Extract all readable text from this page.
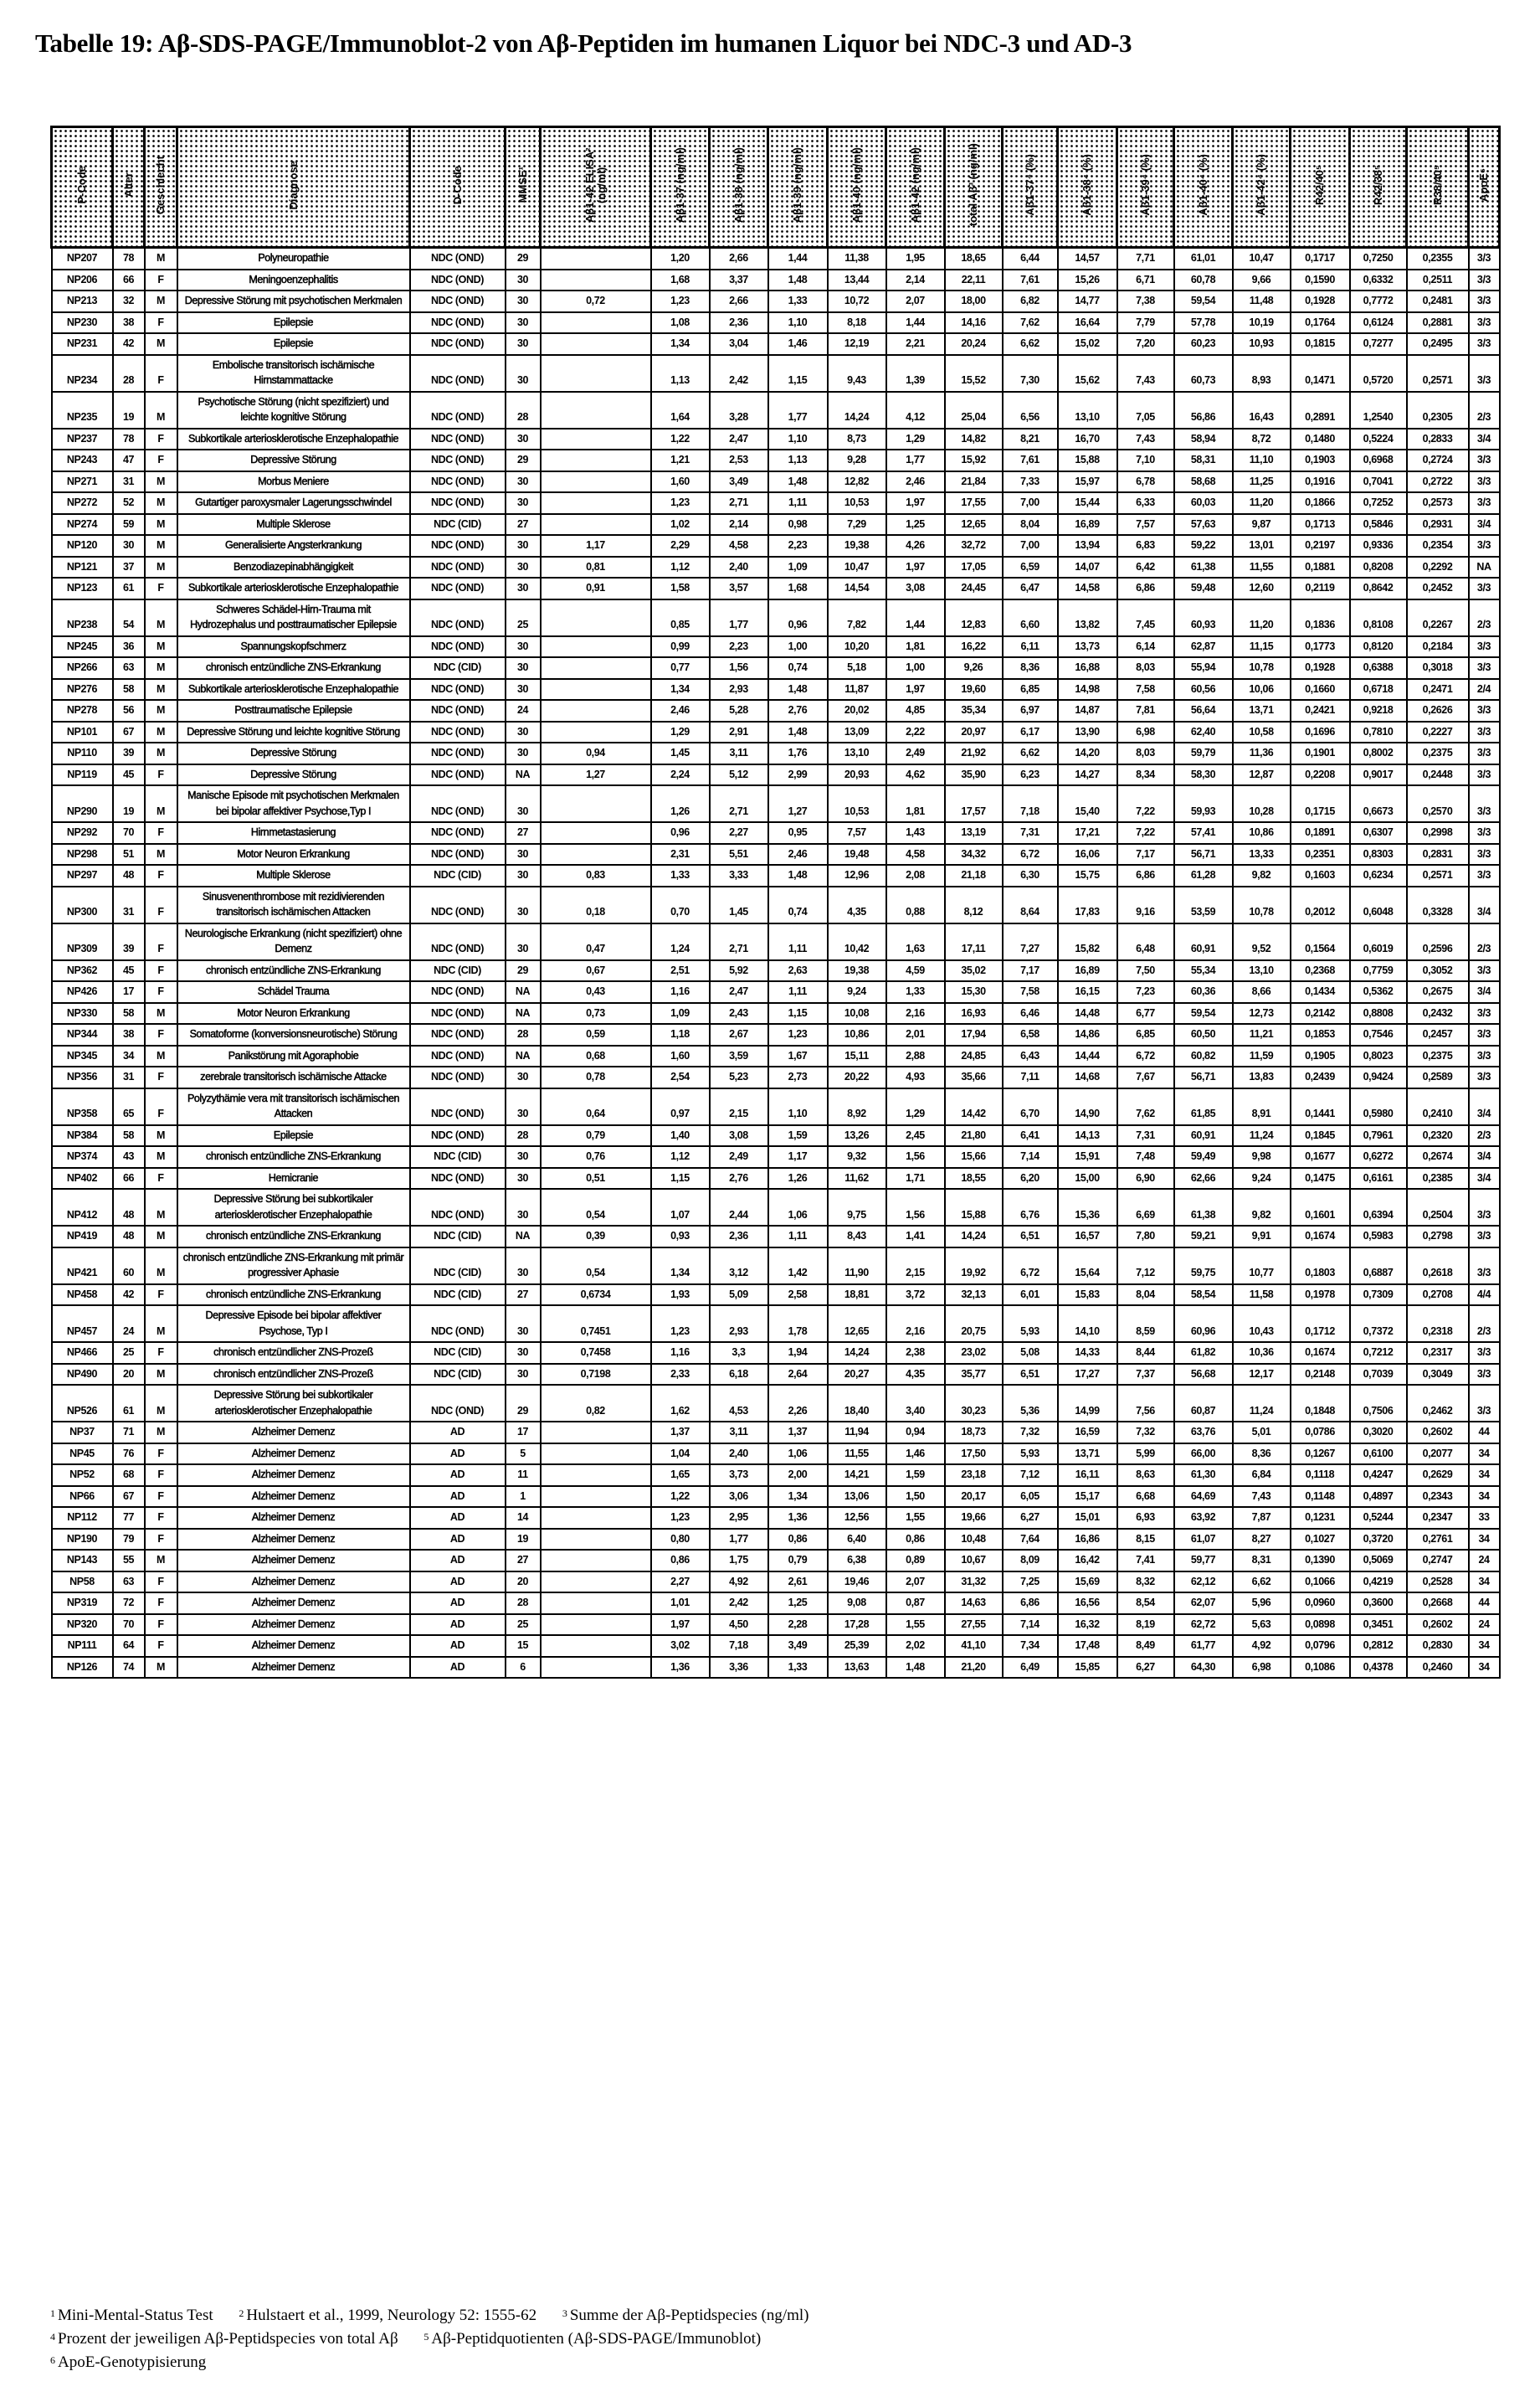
Tabelle 19: Aβ-SDS-PAGE/Immunoblot-2 von Aβ-Peptiden im humanen Liquor bei NDC-3 und AD-3
P-Code	Alter	Geschlecht	Diagnose	D-Code	MMSE¹	Aβ1-42 ELISA² (ng/ml)	Aβ1-37 (ng/ml)	Aβ1-38 (ng/ml)	Aβ1-39 (ng/ml)	Aβ1-40 (ng/ml)	Aβ1-42 (ng/ml)	total Aβ³ (ng/ml)	Aβ1-37⁴ (%)	Aβ1-38⁴ (%)	Aβ1-39⁴ (%)	Aβ1-40⁴ (%)	Aβ1-42⁴ (%)	R42/40⁵	R42/38⁵	R38/40⁵	ApoE⁶
NP207	78	M	Polyneuropathie	NDC (OND)	29		1,20	2,66	1,44	11,38	1,95	18,65	6,44	14,57	7,71	61,01	10,47	0,1717	0,7250	0,2355	3/3
NP206	66	F	Meningoenzephalitis	NDC (OND)	30		1,68	3,37	1,48	13,44	2,14	22,11	7,61	15,26	6,71	60,78	9,66	0,1590	0,6332	0,2511	3/3
NP213	32	M	Depressive Störung mit psychotischen Merkmalen	NDC (OND)	30	0,72	1,23	2,66	1,33	10,72	2,07	18,00	6,82	14,77	7,38	59,54	11,48	0,1928	0,7772	0,2481	3/3
NP230	38	F	Epilepsie	NDC (OND)	30		1,08	2,36	1,10	8,18	1,44	14,16	7,62	16,64	7,79	57,78	10,19	0,1764	0,6124	0,2881	3/3
NP231	42	M	Epilepsie	NDC (OND)	30		1,34	3,04	1,46	12,19	2,21	20,24	6,62	15,02	7,20	60,23	10,93	0,1815	0,7277	0,2495	3/3
NP234	28	F	Embolische transitorisch ischämische Hirnstammattacke	NDC (OND)	30		1,13	2,42	1,15	9,43	1,39	15,52	7,30	15,62	7,43	60,73	8,93	0,1471	0,5720	0,2571	3/3
NP235	19	M	Psychotische Störung (nicht spezifiziert) und leichte kognitive Störung	NDC (OND)	28		1,64	3,28	1,77	14,24	4,12	25,04	6,56	13,10	7,05	56,86	16,43	0,2891	1,2540	0,2305	2/3
NP237	78	F	Subkortikale arteriosklerotische Enzephalopathie	NDC (OND)	30		1,22	2,47	1,10	8,73	1,29	14,82	8,21	16,70	7,43	58,94	8,72	0,1480	0,5224	0,2833	3/4
NP243	47	F	Depressive Störung	NDC (OND)	29		1,21	2,53	1,13	9,28	1,77	15,92	7,61	15,88	7,10	58,31	11,10	0,1903	0,6968	0,2724	3/3
NP271	31	M	Morbus Meniere	NDC (OND)	30		1,60	3,49	1,48	12,82	2,46	21,84	7,33	15,97	6,78	58,68	11,25	0,1916	0,7041	0,2722	3/3
NP272	52	M	Gutartiger paroxysmaler Lagerungsschwindel	NDC (OND)	30		1,23	2,71	1,11	10,53	1,97	17,55	7,00	15,44	6,33	60,03	11,20	0,1866	0,7252	0,2573	3/3
NP274	59	M	Multiple Sklerose	NDC (CID)	27		1,02	2,14	0,98	7,29	1,25	12,65	8,04	16,89	7,57	57,63	9,87	0,1713	0,5846	0,2931	3/4
NP120	30	M	Generalisierte Angsterkrankung	NDC (OND)	30	1,17	2,29	4,58	2,23	19,38	4,26	32,72	7,00	13,94	6,83	59,22	13,01	0,2197	0,9336	0,2354	3/3
NP121	37	M	Benzodiazepinabhängigkeit	NDC (OND)	30	0,81	1,12	2,40	1,09	10,47	1,97	17,05	6,59	14,07	6,42	61,38	11,55	0,1881	0,8208	0,2292	NA
NP123	61	F	Subkortikale arteriosklerotische Enzephalopathie	NDC (OND)	30	0,91	1,58	3,57	1,68	14,54	3,08	24,45	6,47	14,58	6,86	59,48	12,60	0,2119	0,8642	0,2452	3/3
NP238	54	M	Schweres Schädel-Hirn-Trauma mit Hydrozephalus und posttraumatischer Epilepsie	NDC (OND)	25		0,85	1,77	0,96	7,82	1,44	12,83	6,60	13,82	7,45	60,93	11,20	0,1836	0,8108	0,2267	2/3
NP245	36	M	Spannungskopfschmerz	NDC (OND)	30		0,99	2,23	1,00	10,20	1,81	16,22	6,11	13,73	6,14	62,87	11,15	0,1773	0,8120	0,2184	3/3
NP266	63	M	chronisch entzündliche ZNS-Erkrankung	NDC (CID)	30		0,77	1,56	0,74	5,18	1,00	9,26	8,36	16,88	8,03	55,94	10,78	0,1928	0,6388	0,3018	3/3
NP276	58	M	Subkortikale arteriosklerotische Enzephalopathie	NDC (OND)	30		1,34	2,93	1,48	11,87	1,97	19,60	6,85	14,98	7,58	60,56	10,06	0,1660	0,6718	0,2471	2/4
NP278	56	M	Posttraumatische Epilepsie	NDC (OND)	24		2,46	5,28	2,76	20,02	4,85	35,34	6,97	14,87	7,81	56,64	13,71	0,2421	0,9218	0,2626	3/3
NP101	67	M	Depressive Störung und leichte kognitive Störung	NDC (OND)	30		1,29	2,91	1,48	13,09	2,22	20,97	6,17	13,90	6,98	62,40	10,58	0,1696	0,7810	0,2227	3/3
NP110	39	M	Depressive Störung	NDC (OND)	30	0,94	1,45	3,11	1,76	13,10	2,49	21,92	6,62	14,20	8,03	59,79	11,36	0,1901	0,8002	0,2375	3/3
NP119	45	F	Depressive Störung	NDC (OND)	NA	1,27	2,24	5,12	2,99	20,93	4,62	35,90	6,23	14,27	8,34	58,30	12,87	0,2208	0,9017	0,2448	3/3
NP290	19	M	Manische Episode mit psychotischen Merkmalen bei bipolar affektiver Psychose,Typ I	NDC (OND)	30		1,26	2,71	1,27	10,53	1,81	17,57	7,18	15,40	7,22	59,93	10,28	0,1715	0,6673	0,2570	3/3
NP292	70	F	Hirnmetastasierung	NDC (OND)	27		0,96	2,27	0,95	7,57	1,43	13,19	7,31	17,21	7,22	57,41	10,86	0,1891	0,6307	0,2998	3/3
NP298	51	M	Motor Neuron Erkrankung	NDC (OND)	30		2,31	5,51	2,46	19,48	4,58	34,32	6,72	16,06	7,17	56,71	13,33	0,2351	0,8303	0,2831	3/3
NP297	48	F	Multiple Sklerose	NDC (CID)	30	0,83	1,33	3,33	1,48	12,96	2,08	21,18	6,30	15,75	6,86	61,28	9,82	0,1603	0,6234	0,2571	3/3
NP300	31	F	Sinusvenenthrombose mit rezidivierenden transitorisch ischämischen Attacken	NDC (OND)	30	0,18	0,70	1,45	0,74	4,35	0,88	8,12	8,64	17,83	9,16	53,59	10,78	0,2012	0,6048	0,3328	3/4
NP309	39	F	Neurologische Erkrankung (nicht spezifiziert) ohne Demenz	NDC (OND)	30	0,47	1,24	2,71	1,11	10,42	1,63	17,11	7,27	15,82	6,48	60,91	9,52	0,1564	0,6019	0,2596	2/3
NP362	45	F	chronisch entzündliche ZNS-Erkrankung	NDC (CID)	29	0,67	2,51	5,92	2,63	19,38	4,59	35,02	7,17	16,89	7,50	55,34	13,10	0,2368	0,7759	0,3052	3/3
NP426	17	F	Schädel Trauma	NDC (OND)	NA	0,43	1,16	2,47	1,11	9,24	1,33	15,30	7,58	16,15	7,23	60,36	8,66	0,1434	0,5362	0,2675	3/4
NP330	58	M	Motor Neuron Erkrankung	NDC (OND)	NA	0,73	1,09	2,43	1,15	10,08	2,16	16,93	6,46	14,48	6,77	59,54	12,73	0,2142	0,8808	0,2432	3/3
NP344	38	F	Somatoforme (konversionsneurotische) Störung	NDC (OND)	28	0,59	1,18	2,67	1,23	10,86	2,01	17,94	6,58	14,86	6,85	60,50	11,21	0,1853	0,7546	0,2457	3/3
NP345	34	M	Panikstörung mit Agoraphobie	NDC (OND)	NA	0,68	1,60	3,59	1,67	15,11	2,88	24,85	6,43	14,44	6,72	60,82	11,59	0,1905	0,8023	0,2375	3/3
NP356	31	F	zerebrale transitorisch ischämische Attacke	NDC (OND)	30	0,78	2,54	5,23	2,73	20,22	4,93	35,66	7,11	14,68	7,67	56,71	13,83	0,2439	0,9424	0,2589	3/3
NP358	65	F	Polyzythämie vera mit transitorisch ischämischen Attacken	NDC (OND)	30	0,64	0,97	2,15	1,10	8,92	1,29	14,42	6,70	14,90	7,62	61,85	8,91	0,1441	0,5980	0,2410	3/4
NP384	58	M	Epilepsie	NDC (OND)	28	0,79	1,40	3,08	1,59	13,26	2,45	21,80	6,41	14,13	7,31	60,91	11,24	0,1845	0,7961	0,2320	2/3
NP374	43	M	chronisch entzündliche ZNS-Erkrankung	NDC (CID)	30	0,76	1,12	2,49	1,17	9,32	1,56	15,66	7,14	15,91	7,48	59,49	9,98	0,1677	0,6272	0,2674	3/4
NP402	66	F	Hemicranie	NDC (OND)	30	0,51	1,15	2,76	1,26	11,62	1,71	18,55	6,20	15,00	6,90	62,66	9,24	0,1475	0,6161	0,2385	3/4
NP412	48	M	Depressive Störung bei subkortikaler arteriosklerotischer Enzephalopathie	NDC (OND)	30	0,54	1,07	2,44	1,06	9,75	1,56	15,88	6,76	15,36	6,69	61,38	9,82	0,1601	0,6394	0,2504	3/3
NP419	48	M	chronisch entzündliche ZNS-Erkrankung	NDC (CID)	NA	0,39	0,93	2,36	1,11	8,43	1,41	14,24	6,51	16,57	7,80	59,21	9,91	0,1674	0,5983	0,2798	3/3
NP421	60	M	chronisch entzündliche ZNS-Erkrankung mit primär progressiver Aphasie	NDC (CID)	30	0,54	1,34	3,12	1,42	11,90	2,15	19,92	6,72	15,64	7,12	59,75	10,77	0,1803	0,6887	0,2618	3/3
NP458	42	F	chronisch entzündliche ZNS-Erkrankung	NDC (CID)	27	0,6734	1,93	5,09	2,58	18,81	3,72	32,13	6,01	15,83	8,04	58,54	11,58	0,1978	0,7309	0,2708	4/4
NP457	24	M	Depressive Episode bei bipolar affektiver Psychose, Typ I	NDC (OND)	30	0,7451	1,23	2,93	1,78	12,65	2,16	20,75	5,93	14,10	8,59	60,96	10,43	0,1712	0,7372	0,2318	2/3
NP466	25	F	chronisch entzündlicher ZNS-Prozeß	NDC (CID)	30	0,7458	1,16	3,3	1,94	14,24	2,38	23,02	5,08	14,33	8,44	61,82	10,36	0,1674	0,7212	0,2317	3/3
NP490	20	M	chronisch entzündlicher ZNS-Prozeß	NDC (CID)	30	0,7198	2,33	6,18	2,64	20,27	4,35	35,77	6,51	17,27	7,37	56,68	12,17	0,2148	0,7039	0,3049	3/3
NP526	61	M	Depressive Störung bei subkortikaler arteriosklerotischer Enzephalopathie	NDC (OND)	29	0,82	1,62	4,53	2,26	18,40	3,40	30,23	5,36	14,99	7,56	60,87	11,24	0,1848	0,7506	0,2462	3/3
NP37	71	M	Alzheimer Demenz	AD	17		1,37	3,11	1,37	11,94	0,94	18,73	7,32	16,59	7,32	63,76	5,01	0,0786	0,3020	0,2602	44
NP45	76	F	Alzheimer Demenz	AD	5		1,04	2,40	1,06	11,55	1,46	17,50	5,93	13,71	5,99	66,00	8,36	0,1267	0,6100	0,2077	34
NP52	68	F	Alzheimer Demenz	AD	11		1,65	3,73	2,00	14,21	1,59	23,18	7,12	16,11	8,63	61,30	6,84	0,1118	0,4247	0,2629	34
NP66	67	F	Alzheimer Demenz	AD	1		1,22	3,06	1,34	13,06	1,50	20,17	6,05	15,17	6,68	64,69	7,43	0,1148	0,4897	0,2343	34
NP112	77	F	Alzheimer Demenz	AD	14		1,23	2,95	1,36	12,56	1,55	19,66	6,27	15,01	6,93	63,92	7,87	0,1231	0,5244	0,2347	33
NP190	79	F	Alzheimer Demenz	AD	19		0,80	1,77	0,86	6,40	0,86	10,48	7,64	16,86	8,15	61,07	8,27	0,1027	0,3720	0,2761	34
NP143	55	M	Alzheimer Demenz	AD	27		0,86	1,75	0,79	6,38	0,89	10,67	8,09	16,42	7,41	59,77	8,31	0,1390	0,5069	0,2747	24
NP58	63	F	Alzheimer Demenz	AD	20		2,27	4,92	2,61	19,46	2,07	31,32	7,25	15,69	8,32	62,12	6,62	0,1066	0,4219	0,2528	34
NP319	72	F	Alzheimer Demenz	AD	28		1,01	2,42	1,25	9,08	0,87	14,63	6,86	16,56	8,54	62,07	5,96	0,0960	0,3600	0,2668	44
NP320	70	F	Alzheimer Demenz	AD	25		1,97	4,50	2,28	17,28	1,55	27,55	7,14	16,32	8,19	62,72	5,63	0,0898	0,3451	0,2602	24
NP111	64	F	Alzheimer Demenz	AD	15		3,02	7,18	3,49	25,39	2,02	41,10	7,34	17,48	8,49	61,77	4,92	0,0796	0,2812	0,2830	34
NP126	74	M	Alzheimer Demenz	AD	6		1,36	3,36	1,33	13,63	1,48	21,20	6,49	15,85	6,27	64,30	6,98	0,1086	0,4378	0,2460	34
1 Mini-Mental-Status Test	2 Hulstaert et al., 1999, Neurology 52: 1555-62	3 Summe der Aβ-Peptidspecies (ng/ml)
4 Prozent der jeweiligen Aβ-Peptidspecies von total Aβ	5 Aβ-Peptidquotienten (Aβ-SDS-PAGE/Immunoblot)
6 ApoE-Genotypisierung
